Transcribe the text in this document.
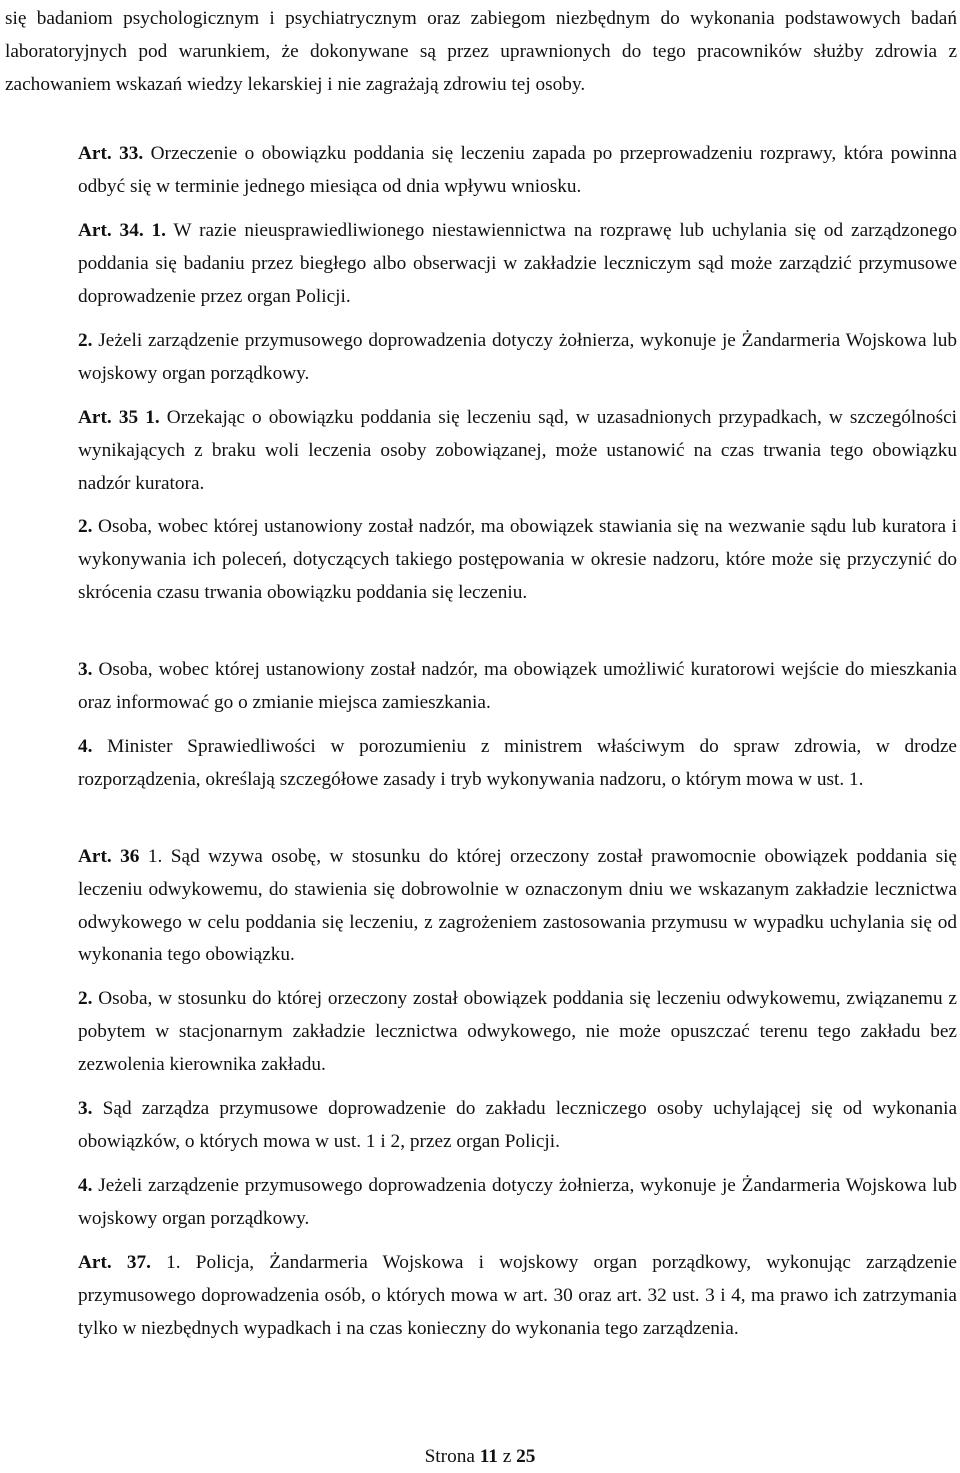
się badaniom psychologicznym i psychiatrycznym oraz zabiegom niezbędnym do wykonania podstawowych badań laboratoryjnych pod warunkiem, że dokonywane są przez uprawnionych do tego pracowników służby zdrowia z zachowaniem wskazań wiedzy lekarskiej i nie zagrażają zdrowiu tej osoby.

Art. 33. Orzeczenie o obowiązku poddania się leczeniu zapada po przeprowadzeniu rozprawy, która powinna odbyć się w terminie jednego miesiąca od dnia wpływu wniosku.

Art. 34. 1. W razie nieusprawiedliwionego niestawiennictwa na rozprawę lub uchylania się od zarządzonego poddania się badaniu przez biegłego albo obserwacji w zakładzie leczniczym sąd może zarządzić przymusowe doprowadzenie przez organ Policji.

2. Jeżeli zarządzenie przymusowego doprowadzenia dotyczy żołnierza, wykonuje je Żandarmeria Wojskowa lub wojskowy organ porządkowy.

Art. 35 1. Orzekając o obowiązku poddania się leczeniu sąd, w uzasadnionych przypadkach, w szczególności wynikających z braku woli leczenia osoby zobowiązanej, może ustanowić na czas trwania tego obowiązku nadzór kuratora.

2. Osoba, wobec której ustanowiony został nadzór, ma obowiązek stawiania się na wezwanie sądu lub kuratora i wykonywania ich poleceń, dotyczących takiego postępowania w okresie nadzoru, które może się przyczynić do skrócenia czasu trwania obowiązku poddania się leczeniu.

3. Osoba, wobec której ustanowiony został nadzór, ma obowiązek umożliwić kuratorowi wejście do mieszkania oraz informować go o zmianie miejsca zamieszkania.

4. Minister Sprawiedliwości w porozumieniu z ministrem właściwym do spraw zdrowia, w drodze rozporządzenia, określają szczegółowe zasady i tryb wykonywania nadzoru, o którym mowa w ust. 1.

Art. 36 1. Sąd wzywa osobę, w stosunku do której orzeczony został prawomocnie obowiązek poddania się leczeniu odwykowemu, do stawienia się dobrowolnie w oznaczonym dniu we wskazanym zakładzie lecznictwa odwykowego w celu poddania się leczeniu, z zagrożeniem zastosowania przymusu w wypadku uchylania się od wykonania tego obowiązku.

2. Osoba, w stosunku do której orzeczony został obowiązek poddania się leczeniu odwykowemu, związanemu z pobytem w stacjonarnym zakładzie lecznictwa odwykowego, nie może opuszczać terenu tego zakładu bez zezwolenia kierownika zakładu.

3. Sąd zarządza przymusowe doprowadzenie do zakładu leczniczego osoby uchylającej się od wykonania obowiązków, o których mowa w ust. 1 i 2, przez organ Policji.

4. Jeżeli zarządzenie przymusowego doprowadzenia dotyczy żołnierza, wykonuje je Żandarmeria Wojskowa lub wojskowy organ porządkowy.

Art. 37. 1. Policja, Żandarmeria Wojskowa i wojskowy organ porządkowy, wykonując zarządzenie przymusowego doprowadzenia osób, o których mowa w art. 30 oraz art. 32 ust. 3 i 4, ma prawo ich zatrzymania tylko w niezbędnych wypadkach i na czas konieczny do wykonania tego zarządzenia.

Strona 11 z 25
